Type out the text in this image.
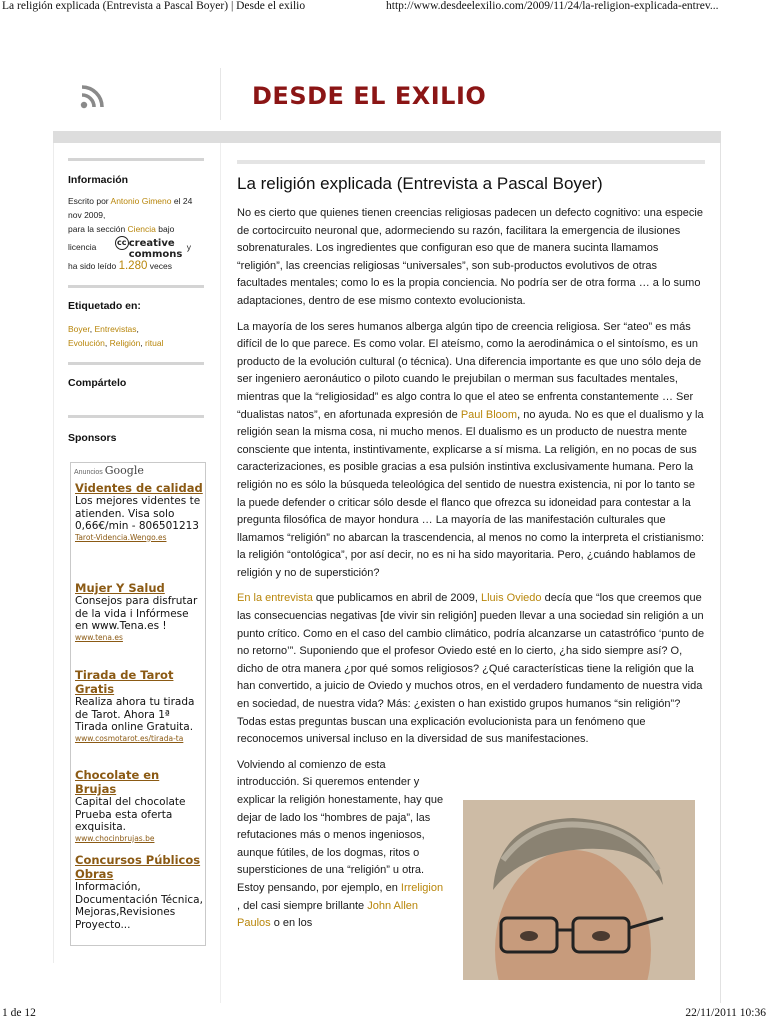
La religión explicada (Entrevista a Pascal Boyer) | Desde el exilio	http://www.desdeelexilio.com/2009/11/24/la-religion-explicada-entrev...
DESDE EL EXILIO
Información
Escrito por Antonio Gimeno el 24 nov 2009,
para la sección Ciencia bajo
licencia	cc creative
commons y
ha sido leído 1.280 veces
Etiquetado en:
Boyer, Entrevistas,
Evolución, Religión, ritual
Compártelo
Sponsors
Anuncios Google
Videntes de calidad
Los mejores videntes te atienden. Visa solo 0,66€/min - 806501213
Tarot-Videncia.Wengo.es
Mujer Y Salud
Consejos para disfrutar de la vida i Infórmese en www.Tena.es !
www.tena.es
Tirada de Tarot Gratis
Realiza ahora tu tirada de Tarot. Ahora 1ª Tirada online Gratuita.
www.cosmotarot.es/tirada-ta
Chocolate en Brujas
Capital del chocolate Prueba esta oferta exquisita.
www.chocinbrujas.be
Concursos Públicos Obras
Información, Documentación Técnica, Mejoras,Revisiones Proyecto...
La religión explicada (Entrevista a Pascal Boyer)

No es cierto que quienes tienen creencias religiosas padecen un defecto cognitivo: una especie de cortocircuito neuronal que, adormeciendo su razón, facilitara la emergencia de ilusiones sobrenaturales. Los ingredientes que configuran eso que de manera sucinta llamamos “religión”, las creencias religiosas “universales”, son sub-productos evolutivos de otras facultades mentales; como lo es la propia conciencia. No podría ser de otra forma … a lo sumo adaptaciones, dentro de ese mismo contexto evolucionista.

La mayoría de los seres humanos alberga algún tipo de creencia religiosa. Ser “ateo” es más difícil de lo que parece. Es como volar. El ateísmo, como la aerodinámica o el sintoísmo, es un producto de la evolución cultural (o técnica). Una diferencia importante es que uno sólo deja de ser ingeniero aeronáutico o piloto cuando le prejubilan o merman sus facultades mentales, mientras que la “religiosidad” es algo contra lo que el ateo se enfrenta constantemente … Ser “dualistas natos”, en afortunada expresión de Paul Bloom, no ayuda. No es que el dualismo y la religión sean la misma cosa, ni mucho menos. El dualismo es un producto de nuestra mente consciente que intenta, instintivamente, explicarse a sí misma. La religión, en no pocas de sus caracterizaciones, es posible gracias a esa pulsión instintiva exclusivamente humana. Pero la religión no es sólo la búsqueda teleológica del sentido de nuestra existencia, ni por lo tanto se la puede defender o criticar sólo desde el flanco que ofrezca su idoneidad para contestar a la pregunta filosófica de mayor hondura … La mayoría de las manifestación culturales que llamamos “religión” no abarcan la trascendencia, al menos no como la interpreta el cristianismo: la religión “ontológica”, por así decir, no es ni ha sido mayoritaria. Pero, ¿cuándo hablamos de religión y no de superstición?

En la entrevista que publicamos en abril de 2009, Lluis Oviedo decía que “los que creemos que las consecuencias negativas [de vivir sin religión] pueden llevar a una sociedad sin religión a un punto crítico. Como en el caso del cambio climático, podría alcanzarse un catastrófico ‘punto de no retorno’”. Suponiendo que el profesor Oviedo esté en lo cierto, ¿ha sido siempre así? O, dicho de otra manera ¿por qué somos religiosos? ¿Qué características tiene la religión que la han convertido, a juicio de Oviedo y muchos otros, en el verdadero fundamento de nuestra vida en sociedad, de nuestra vida? Más: ¿existen o han existido grupos humanos “sin religión”? Todas estas preguntas buscan una explicación evolucionista para un fenómeno que reconocemos universal incluso en la diversidad de sus manifestaciones.

Volviendo al comienzo de esta introducción. Si queremos entender y explicar la religión honestamente, hay que dejar de lado los “hombres de paja”, las refutaciones más o menos ingeniosos, aunque fútiles, de los dogmas, ritos o supersticiones de una “religión” u otra. Estoy pensando, por ejemplo, en Irreligion , del casi siempre brillante John Allen Paulos o en los

1 de 12	22/11/2011 10:36
